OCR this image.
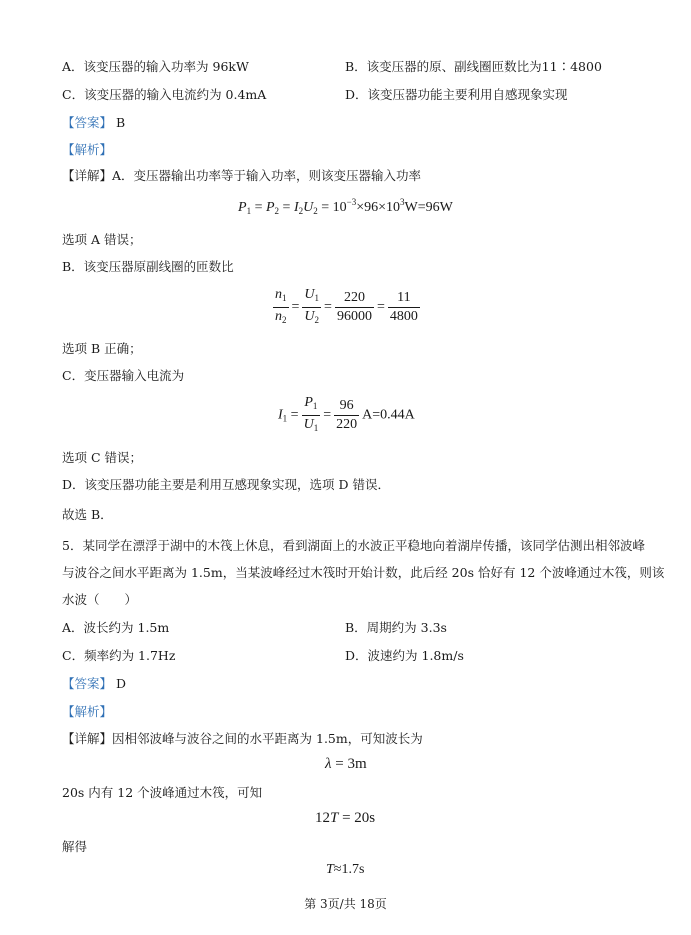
A．该变压器的输入功率为 96kW	B．该变压器的原、副线圈匝数比为11∶4800
C．该变压器的输入电流约为 0.4mA	D．该变压器功能主要利用自感现象实现
【答案】 B
【解析】
【详解】A．变压器输出功率等于输入功率，则该变压器输入功率
$P_1 = P_2 = I_2U_2 = 10^{-3}\times 96\times 10^3W=96W$
选项 A 错误；
B．该变压器原副线圈的匝数比
$\frac{n_1}{n_2} = \frac{U_1}{U_2} = \frac{220}{96000} = \frac{11}{4800}$
选项 B 正确；
C．变压器输入电流为
$I_1 = \frac{P_1}{U_1} = \frac{96}{220} A=0.44A$
选项 C 错误；
D．该变压器功能主要是利用互感现象实现，选项 D 错误．
故选 B．
5．某同学在漂浮于湖中的木筏上休息，看到湖面上的水波正平稳地向着湖岸传播，该同学估测出相邻波峰
与波谷之间水平距离为 1.5m，当某波峰经过木筏时开始计数，此后经 20s 恰好有 12 个波峰通过木筏，则该
水波（　　）
A．波长约为 1.5m	B．周期约为 3.3s
C．频率约为 1.7Hz	D．波速约为 1.8m/s
【答案】 D
【解析】
【详解】因相邻波峰与波谷之间的水平距离为 1.5m，可知波长为
λ = 3m
20s 内有 12 个波峰通过木筏，可知
12T = 20s
解得
T≈1.7s
第 3页/共 18页
